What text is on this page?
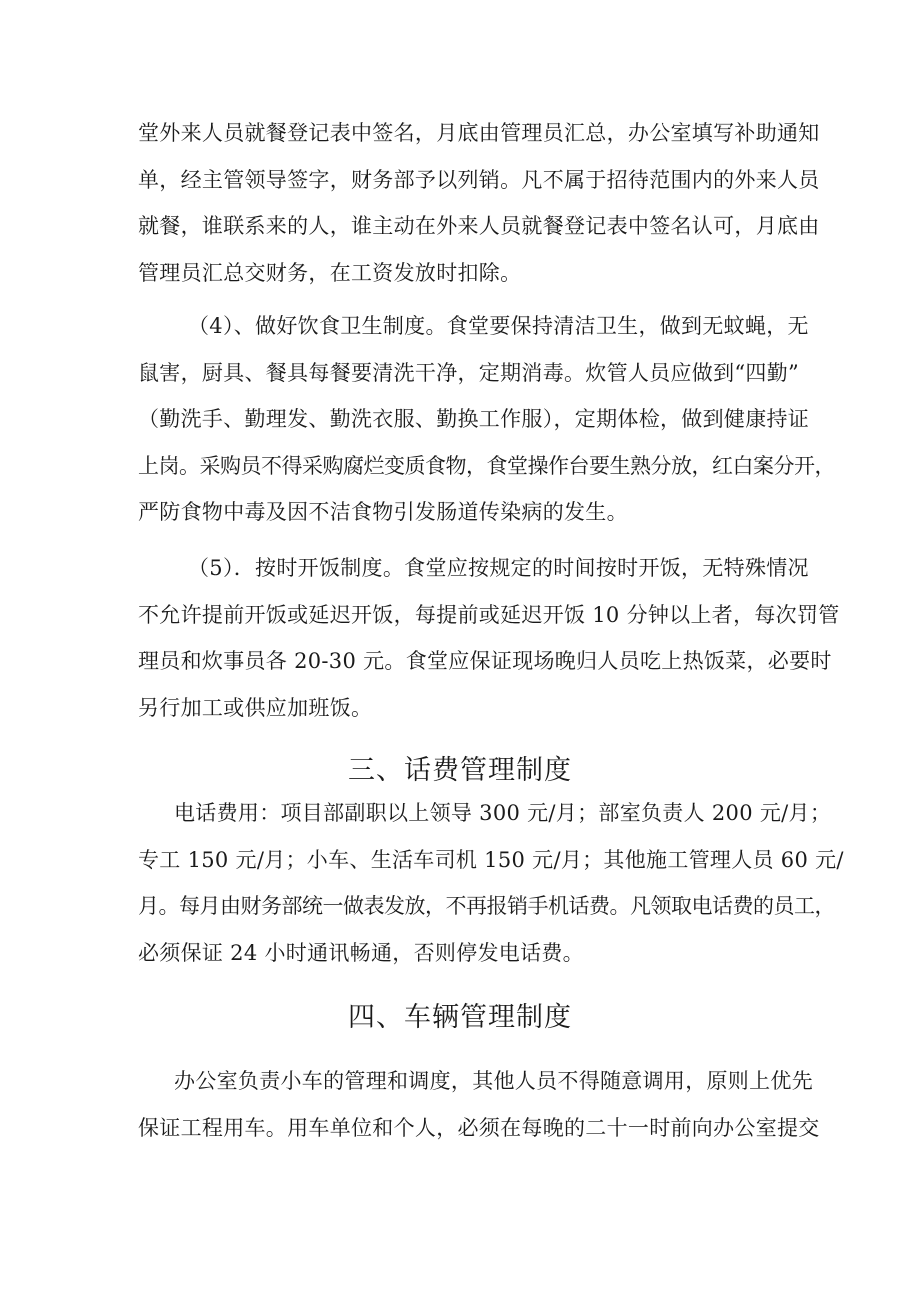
堂外来人员就餐登记表中签名，月底由管理员汇总，办公室填写补助通知
单，经主管领导签字，财务部予以列销。凡不属于招待范围内的外来人员
就餐，谁联系来的人，谁主动在外来人员就餐登记表中签名认可，月底由
管理员汇总交财务，在工资发放时扣除。
（4）、做好饮食卫生制度。食堂要保持清洁卫生，做到无蚊蝇，无
鼠害，厨具、餐具每餐要清洗干净，定期消毒。炊管人员应做到“四勤”
（勤洗手、勤理发、勤洗衣服、勤换工作服），定期体检，做到健康持证
上岗。采购员不得采购腐烂变质食物，食堂操作台要生熟分放，红白案分开，
严防食物中毒及因不洁食物引发肠道传染病的发生。
（5）．按时开饭制度。食堂应按规定的时间按时开饭，无特殊情况
不允许提前开饭或延迟开饭，每提前或延迟开饭 10 分钟以上者，每次罚管
理员和炊事员各 20-30 元。食堂应保证现场晚归人员吃上热饭菜，必要时
另行加工或供应加班饭。
三、话费管理制度
电话费用：项目部副职以上领导 300 元/月；部室负责人 200 元/月；
专工 150 元/月；小车、生活车司机 150 元/月；其他施工管理人员 60 元/
月。每月由财务部统一做表发放，不再报销手机话费。凡领取电话费的员工，
必须保证 24 小时通讯畅通，否则停发电话费。
四、车辆管理制度
办公室负责小车的管理和调度，其他人员不得随意调用，原则上优先
保证工程用车。用车单位和个人，必须在每晚的二十一时前向办公室提交
